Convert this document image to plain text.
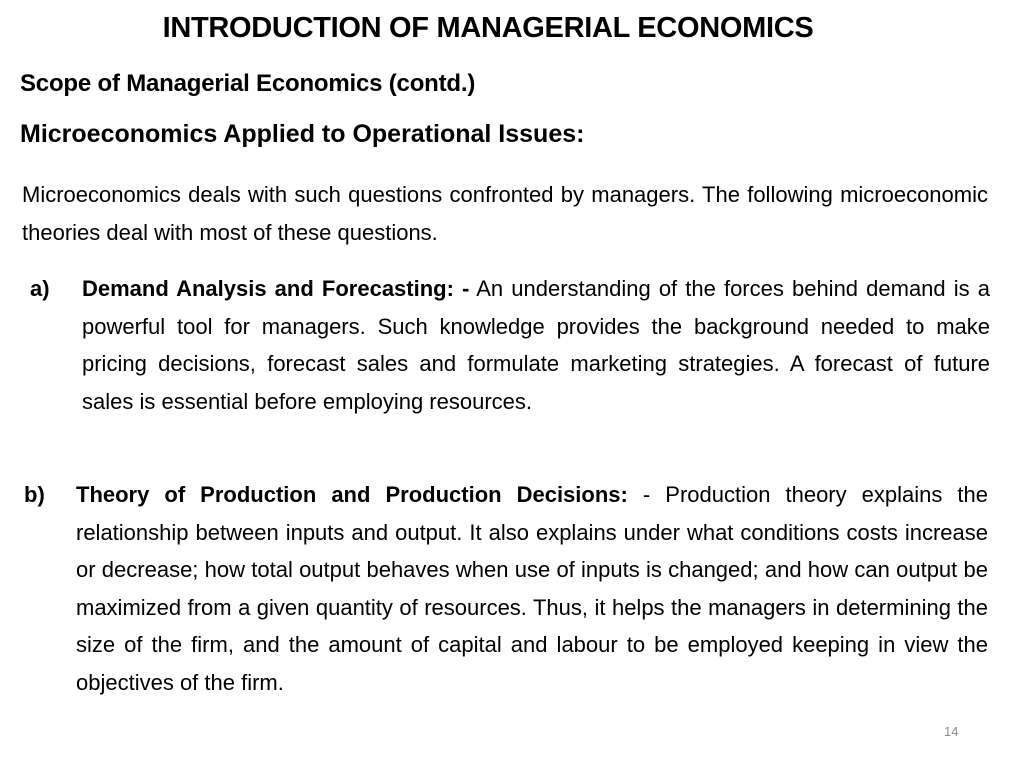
INTRODUCTION OF MANAGERIAL ECONOMICS
Scope of Managerial Economics (contd.)
Microeconomics Applied to Operational Issues:

Microeconomics deals with such questions confronted by managers. The following microeconomic theories deal with most of these questions.

a) Demand Analysis and Forecasting: - An understanding of the forces behind demand is a powerful tool for managers. Such knowledge provides the background needed to make pricing decisions, forecast sales and formulate marketing strategies. A forecast of future sales is essential before employing resources.
b) Theory of Production and Production Decisions: - Production theory explains the relationship between inputs and output. It also explains under what conditions costs increase or decrease; how total output behaves when use of inputs is changed; and how can output be maximized from a given quantity of resources. Thus, it helps the managers in determining the size of the firm, and the amount of capital and labour to be employed keeping in view the objectives of the firm.
14
